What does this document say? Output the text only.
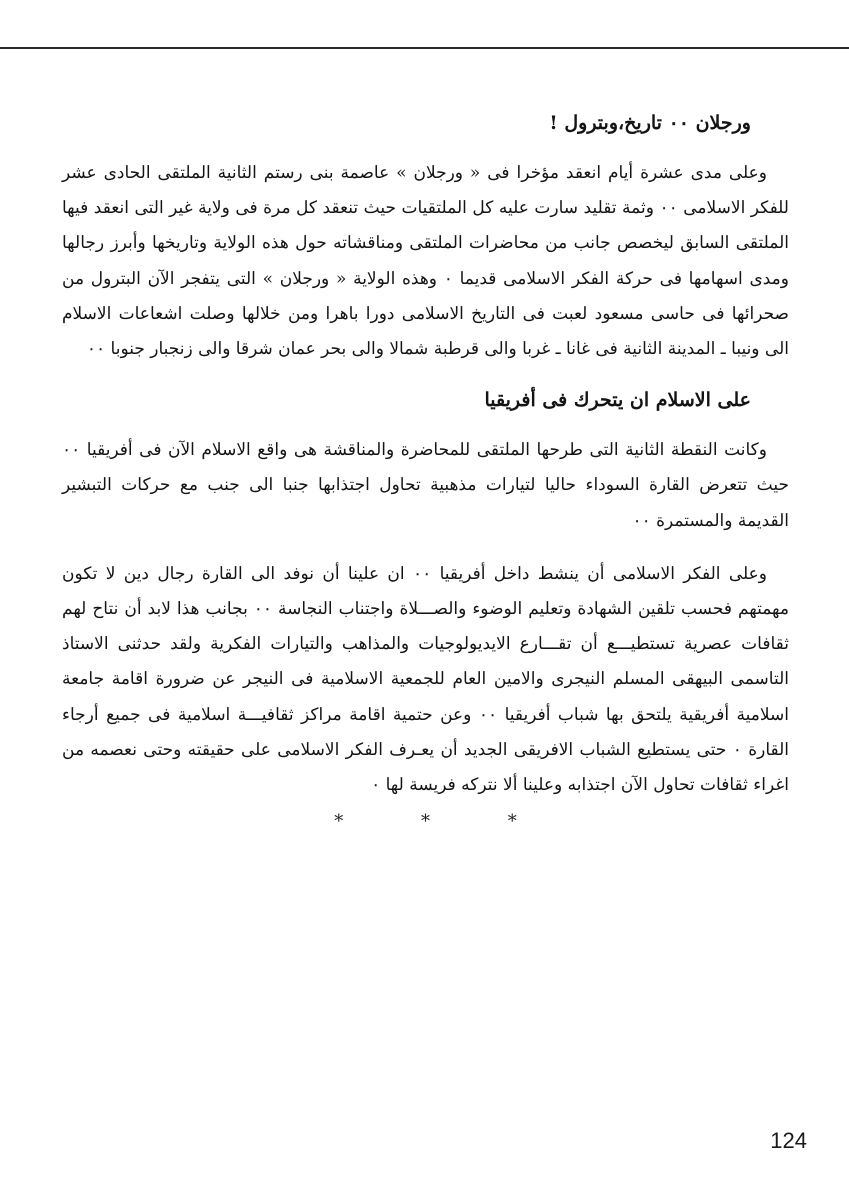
ورجلان ٠٠ تاريخ،وبترول !

وعلى مدى عشرة أيام انعقد مؤخرا فى « ورجلان » عاصمة بنى رستم الثانية الملتقى الحادى عشر للفكر الاسلامى ٠٠ وثمة تقليد سارت عليه كل الملتقيات حيث تنعقد كل مرة فى ولاية غير التى انعقد فيها الملتقى السابق ليخصص جانب من محاضرات الملتقى ومناقشاته حول هذه الولاية وتاريخها وأبرز رجالها ومدى اسهامها فى حركة الفكر الاسلامى قديما ٠ وهذه الولاية « ورجلان » التى يتفجر الآن البترول من صحرائها فى حاسى مسعود لعبت فى التاريخ الاسلامى دورا باهرا ومن خلالها وصلت اشعاعات الاسلام الى ونيبا ـ المدينة الثانية فى غانا ـ غربا والى قرطبة شمالا والى بحر عمان شرقا والى زنجبار جنوبا ٠٠

على الاسلام ان يتحرك فى أفريقيا

وكانت النقطة الثانية التى طرحها الملتقى للمحاضرة والمناقشة هى واقع الاسلام الآن فى أفريقيا ٠٠ حيث تتعرض القارة السوداء حاليا لتيارات مذهبية تحاول اجتذابها جنبا الى جنب مع حركات التبشير القديمة والمستمرة ٠٠

وعلى الفكر الاسلامى أن ينشط داخل أفريقيا ٠٠ ان علينا أن نوفد الى القارة رجال دين لا تكون مهمتهم فحسب تلقين الشهادة وتعليم الوضوء والصـــلاة واجتناب النجاسة ٠٠ بجانب هذا لابد أن نتاح لهم ثقافات عصرية تستطيـــع أن تقـــارع الايديولوجيات والمذاهب والتيارات الفكرية ولقد حدثنى الاستاذ التاسمى البيهقى المسلم النيجرى والامين العام للجمعية الاسلامية فى النيجر عن ضرورة اقامة جامعة اسلامية أفريقية يلتحق بها شباب أفريقيا ٠٠ وعن حتمية اقامة مراكز ثقافيـــة اسلامية فى جميع أرجاء القارة ٠ حتى يستطيع الشباب الافريقى الجديد أن يعـرف الفكر الاسلامى على حقيقته وحتى نعصمه من اغراء ثقافات تحاول الآن اجتذابه وعلينا ألا نتركه فريسة لها ٠

* * *
124
